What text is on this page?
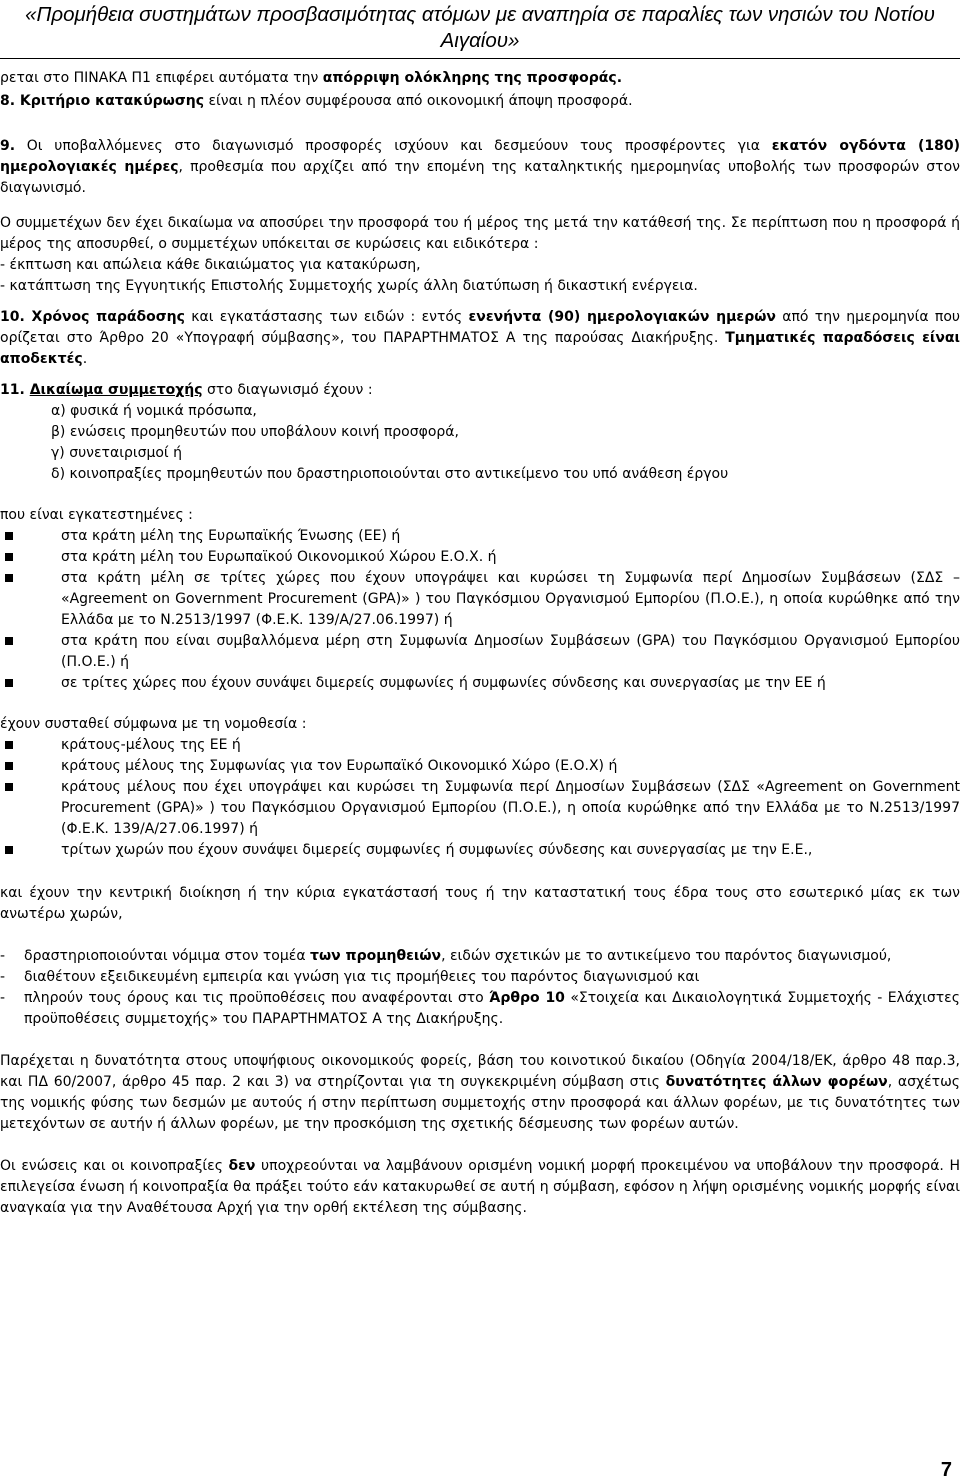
«Προμήθεια συστημάτων προσβασιμότητας ατόμων με αναπηρία σε παραλίες των νησιών του Νοτίου
Αιγαίου»

ρεται στο ΠΙΝΑΚΑ Π1 επιφέρει αυτόματα την απόρριψη ολόκληρης της προσφοράς.

8. Κριτήριο κατακύρωσης είναι η πλέον συμφέρουσα από οικονομική άποψη προσφορά.

9. Οι υποβαλλόμενες στο διαγωνισμό προσφορές ισχύουν και δεσμεύουν τους προσφέροντες για εκατόν ογδόντα (180) ημερολογιακές ημέρες, προθεσμία που αρχίζει από την επομένη της καταληκτικής ημερομηνίας υποβολής των προσφορών στον διαγωνισμό.

Ο συμμετέχων δεν έχει δικαίωμα να αποσύρει την προσφορά του ή μέρος της μετά την κατάθεσή της. Σε περίπτωση που η προσφορά ή μέρος της αποσυρθεί, ο συμμετέχων υπόκειται σε κυρώσεις και ειδικότερα :

- έκπτωση και απώλεια κάθε δικαιώματος για κατακύρωση,

- κατάπτωση της Εγγυητικής Επιστολής Συμμετοχής χωρίς άλλη διατύπωση ή δικαστική ενέργεια.

10. Χρόνος παράδοσης και εγκατάστασης των ειδών : εντός ενενήντα (90) ημερολογιακών ημερών από την ημερομηνία που ορίζεται στο Άρθρο 20 «Υπογραφή σύμβασης», του ΠΑΡΑΡΤΗΜΑΤΟΣ Α της παρούσας Διακήρυξης. Τμηματικές παραδόσεις είναι αποδεκτές.

11. Δικαίωμα συμμετοχής στο διαγωνισμό έχουν :

α) φυσικά ή νομικά πρόσωπα,

β) ενώσεις προμηθευτών που υποβάλουν κοινή προσφορά,

γ) συνεταιρισμοί ή

δ) κοινοπραξίες προμηθευτών που δραστηριοποιούνται στο αντικείμενο του υπό ανάθεση έργου

που είναι εγκατεστημένες :

στα κράτη μέλη της Ευρωπαϊκής Ένωσης (ΕΕ) ή

στα κράτη μέλη του Ευρωπαϊκού Οικονομικού Χώρου Ε.Ο.Χ. ή

στα κράτη μέλη σε τρίτες χώρες που έχουν υπογράψει και κυρώσει τη Συμφωνία περί Δημοσίων Συμβάσεων (ΣΔΣ – «Agreement on Government Procurement (GPA)» ) του Παγκόσμιου Οργανισμού Εμπορίου (Π.Ο.Ε.), η οποία κυρώθηκε από την Ελλάδα με το Ν.2513/1997 (Φ.Ε.Κ. 139/Α/27.06.1997) ή

στα κράτη που είναι συμβαλλόμενα μέρη στη Συμφωνία Δημοσίων Συμβάσεων (GPA) του Παγκόσμιου Οργανισμού Εμπορίου (Π.Ο.Ε.) ή

σε τρίτες χώρες που έχουν συνάψει διμερείς συμφωνίες ή συμφωνίες σύνδεσης και συνεργασίας με την ΕΕ ή

έχουν συσταθεί σύμφωνα με τη νομοθεσία :

κράτους-μέλους της ΕΕ ή

κράτους μέλους της Συμφωνίας για τον Ευρωπαϊκό Οικονομικό Χώρο (Ε.Ο.Χ) ή

κράτους μέλους που έχει υπογράψει και κυρώσει τη Συμφωνία περί Δημοσίων Συμβάσεων (ΣΔΣ «Agreement on Government Procurement (GPA)» ) του Παγκόσμιου Οργανισμού Εμπορίου (Π.Ο.Ε.), η οποία κυρώθηκε από την Ελλάδα με το Ν.2513/1997 (Φ.Ε.Κ. 139/Α/27.06.1997) ή

τρίτων χωρών που έχουν συνάψει διμερείς συμφωνίες ή συμφωνίες σύνδεσης και συνεργασίας με την Ε.Ε.,

και έχουν την κεντρική διοίκηση ή την κύρια εγκατάστασή τους ή την καταστατική τους έδρα τους στο εσωτερικό μίας εκ των ανωτέρω χωρών,

- δραστηριοποιούνται νόμιμα στον τομέα των προμηθειών, ειδών σχετικών με το αντικείμενο του παρόντος διαγωνισμού,

- διαθέτουν εξειδικευμένη εμπειρία και γνώση για τις προμήθειες του παρόντος διαγωνισμού και

- πληρούν τους όρους και τις προϋποθέσεις που αναφέρονται στο Άρθρο 10 «Στοιχεία και Δικαιολογητικά Συμμετοχής - Ελάχιστες προϋποθέσεις συμμετοχής» του ΠΑΡΑΡΤΗΜΑΤΟΣ Α της Διακήρυξης.

Παρέχεται η δυνατότητα στους υποψήφιους οικονομικούς φορείς, βάση του κοινοτικού δικαίου (Οδηγία 2004/18/ΕΚ, άρθρο 48 παρ.3, και ΠΔ 60/2007, άρθρο 45 παρ. 2 και 3) να στηρίζονται για τη συγκεκριμένη σύμβαση στις δυνατότητες άλλων φορέων, ασχέτως της νομικής φύσης των δεσμών με αυτούς ή στην περίπτωση συμμετοχής στην προσφορά και άλλων φορέων, με τις δυνατότητες των μετεχόντων σε αυτήν ή άλλων φορέων, με την προσκόμιση της σχετικής δέσμευσης των φορέων αυτών.

Οι ενώσεις και οι κοινοπραξίες δεν υποχρεούνται να λαμβάνουν ορισμένη νομική μορφή προκειμένου να υποβάλουν την προσφορά. Η επιλεγείσα ένωση ή κοινοπραξία θα πράξει τούτο εάν κατακυρωθεί σε αυτή η σύμβαση, εφόσον η λήψη ορισμένης νομικής μορφής είναι αναγκαία για την Αναθέτουσα Αρχή για την ορθή εκτέλεση της σύμβασης.

7
